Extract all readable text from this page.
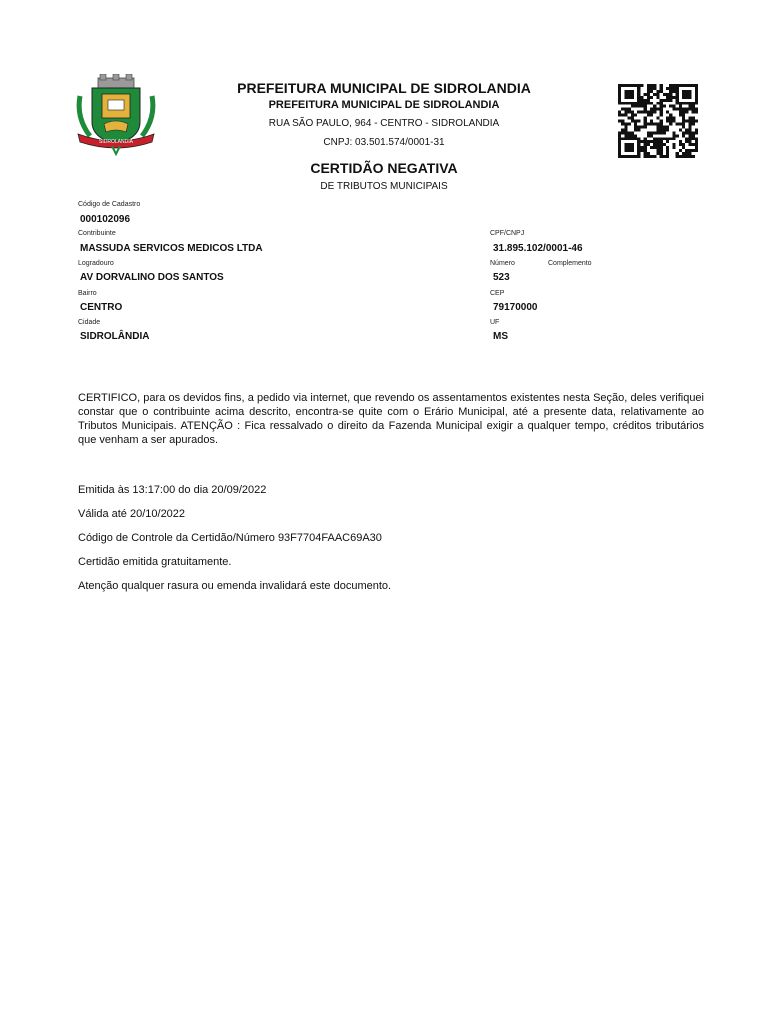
SIDROLANDIA
PREFEITURA MUNICIPAL DE SIDROLANDIA
PREFEITURA MUNICIPAL DE SIDROLANDIA
RUA SÃO PAULO, 964 - CENTRO - SIDROLANDIA
CNPJ: 03.501.574/0001-31
CERTIDÃO NEGATIVA
DE TRIBUTOS MUNICIPAIS
Código de Cadastro
000102096
Contribuinte
MASSUDA SERVICOS MEDICOS LTDA
CPF/CNPJ
31.895.102/0001-46
Logradouro
AV DORVALINO DOS SANTOS
Número
523
Complemento
Bairro
CENTRO
CEP
79170000
Cidade
SIDROLÂNDIA
UF
MS
CERTIFICO, para os devidos fins, a pedido via internet, que revendo os assentamentos existentes nesta Seção, deles verifiquei constar que o contribuinte acima descrito, encontra-se quite com o Erário Municipal, até a presente data, relativamente ao Tributos Municipais. ATENÇÃO : Fica ressalvado o direito da Fazenda Municipal exigir a qualquer tempo, créditos tributários que venham a ser apurados.
Emitida às 13:17:00 do dia 20/09/2022
Válida até 20/10/2022
Código de Controle da Certidão/Número 93F7704FAAC69A30
Certidão emitida gratuitamente.
Atenção qualquer rasura ou emenda invalidará este documento.
